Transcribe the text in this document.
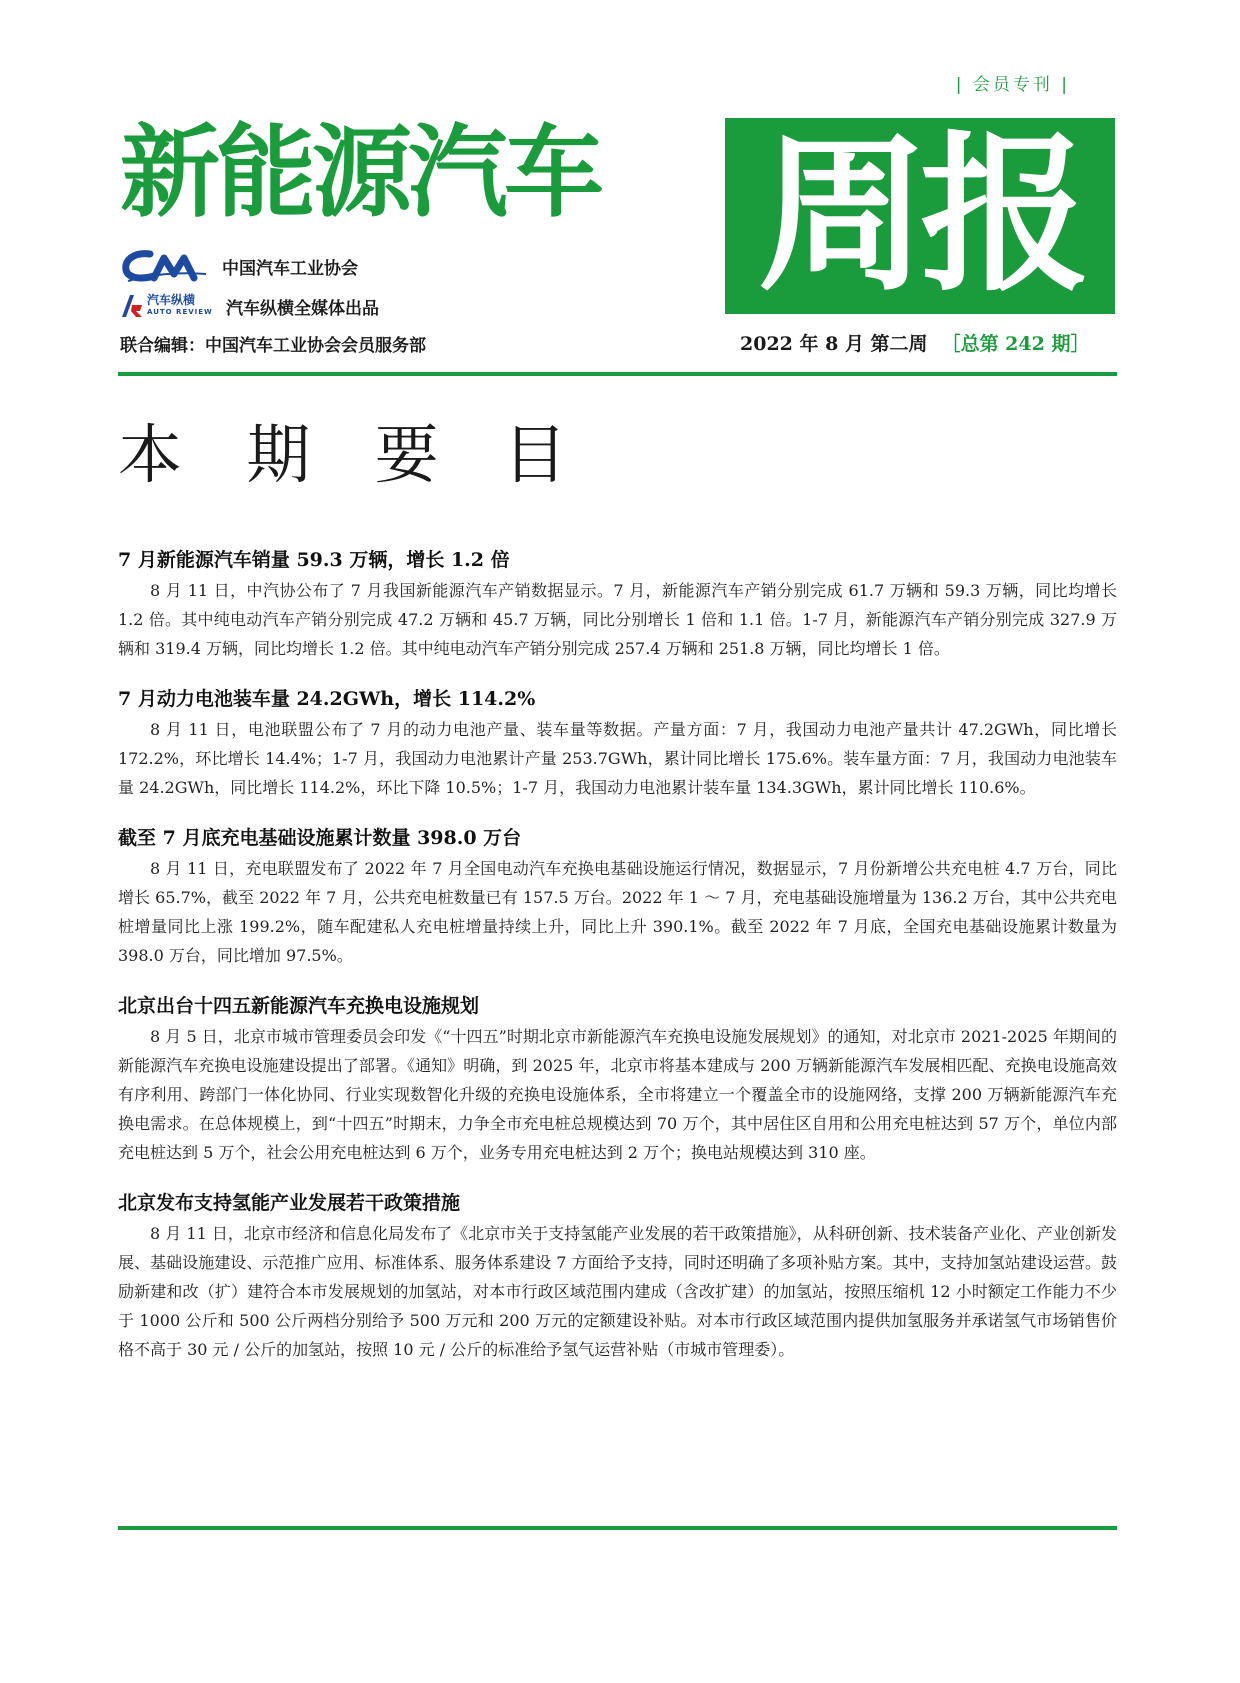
| 会员专刊 |
新能源汽车 周报
中国汽车工业协会
汽车纵横
AUTO REVIEW 汽车纵横全媒体出品
联合编辑：中国汽车工业协会会员服务部	2022 年 8 月 第二周 ［总第 242 期］
本 期 要 目
7 月新能源汽车销量 59.3 万辆，增长 1.2 倍

8 月 11 日，中汽协公布了 7 月我国新能源汽车产销数据显示。7 月，新能源汽车产销分别完成 61.7 万辆和 59.3 万辆，同比均增长 1.2 倍。其中纯电动汽车产销分别完成 47.2 万辆和 45.7 万辆，同比分别增长 1 倍和 1.1 倍。1-7 月，新能源汽车产销分别完成 327.9 万辆和 319.4 万辆，同比均增长 1.2 倍。其中纯电动汽车产销分别完成 257.4 万辆和 251.8 万辆，同比均增长 1 倍。

7 月动力电池装车量 24.2GWh，增长 114.2%

8 月 11 日，电池联盟公布了 7 月的动力电池产量、装车量等数据。产量方面：7 月，我国动力电池产量共计 47.2GWh，同比增长 172.2%，环比增长 14.4%；1-7 月，我国动力电池累计产量 253.7GWh，累计同比增长 175.6%。装车量方面：7 月，我国动力电池装车量 24.2GWh，同比增长 114.2%，环比下降 10.5%；1-7 月，我国动力电池累计装车量 134.3GWh，累计同比增长 110.6%。

截至 7 月底充电基础设施累计数量 398.0 万台

8 月 11 日，充电联盟发布了 2022 年 7 月全国电动汽车充换电基础设施运行情况，数据显示，7 月份新增公共充电桩 4.7 万台，同比增长 65.7%，截至 2022 年 7 月，公共充电桩数量已有 157.5 万台。2022 年 1 ～ 7 月，充电基础设施增量为 136.2 万台，其中公共充电桩增量同比上涨 199.2%，随车配建私人充电桩增量持续上升，同比上升 390.1%。截至 2022 年 7 月底，全国充电基础设施累计数量为 398.0 万台，同比增加 97.5%。

北京出台十四五新能源汽车充换电设施规划

8 月 5 日，北京市城市管理委员会印发《“十四五”时期北京市新能源汽车充换电设施发展规划》的通知，对北京市 2021-2025 年期间的新能源汽车充换电设施建设提出了部署。《通知》明确，到 2025 年，北京市将基本建成与 200 万辆新能源汽车发展相匹配、充换电设施高效有序利用、跨部门一体化协同、行业实现数智化升级的充换电设施体系，全市将建立一个覆盖全市的设施网络，支撑 200 万辆新能源汽车充换电需求。在总体规模上，到“十四五”时期末，力争全市充电桩总规模达到 70 万个，其中居住区自用和公用充电桩达到 57 万个，单位内部充电桩达到 5 万个，社会公用充电桩达到 6 万个，业务专用充电桩达到 2 万个；换电站规模达到 310 座。

北京发布支持氢能产业发展若干政策措施

8 月 11 日，北京市经济和信息化局发布了《北京市关于支持氢能产业发展的若干政策措施》，从科研创新、技术装备产业化、产业创新发展、基础设施建设、示范推广应用、标准体系、服务体系建设 7 方面给予支持，同时还明确了多项补贴方案。其中，支持加氢站建设运营。鼓励新建和改（扩）建符合本市发展规划的加氢站，对本市行政区域范围内建成（含改扩建）的加氢站，按照压缩机 12 小时额定工作能力不少于 1000 公斤和 500 公斤两档分别给予 500 万元和 200 万元的定额建设补贴。对本市行政区域范围内提供加氢服务并承诺氢气市场销售价格不高于 30 元 / 公斤的加氢站，按照 10 元 / 公斤的标准给予氢气运营补贴（市城市管理委）。
